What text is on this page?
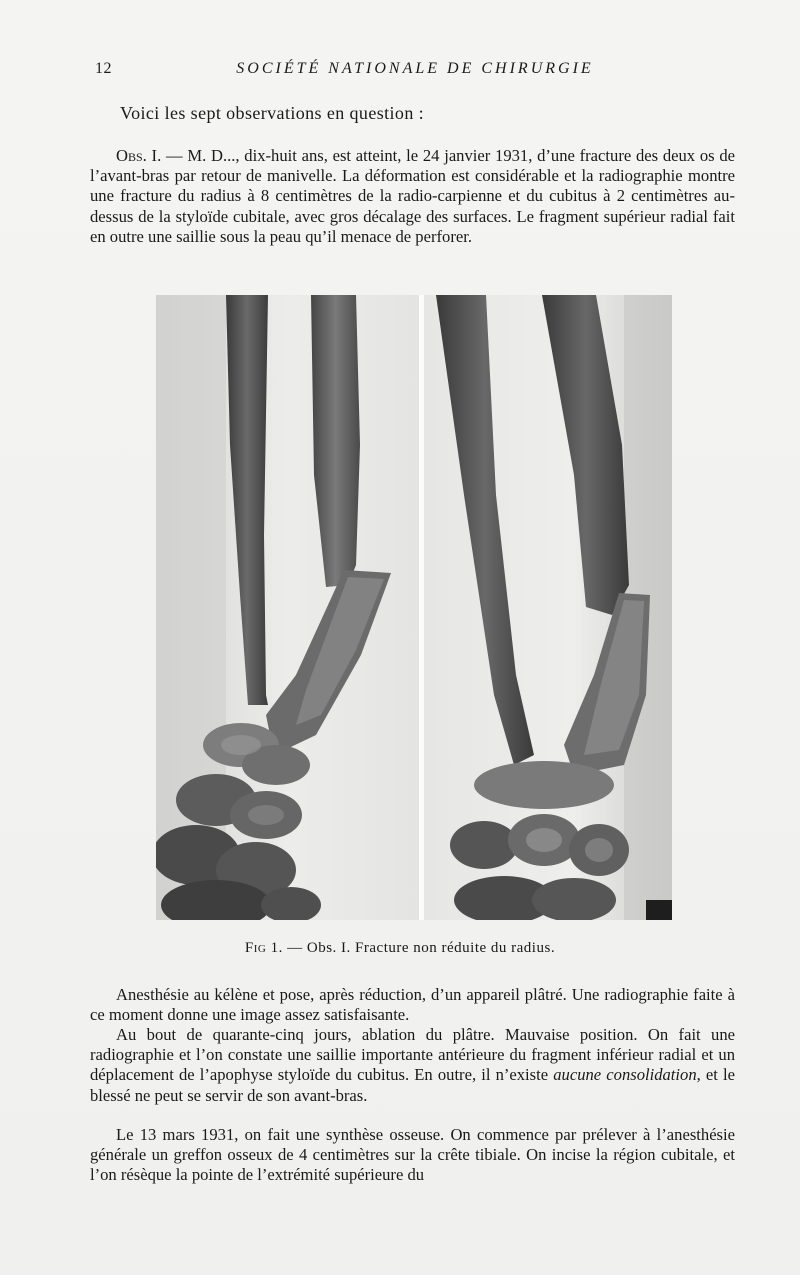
12	SOCIÉTÉ NATIONALE DE CHIRURGIE
Voici les sept observations en question :

Obs. I. — M. D..., dix-huit ans, est atteint, le 24 janvier 1931, d’une fracture des deux os de l’avant-bras par retour de manivelle. La déformation est considérable et la radiographie montre une fracture du radius à 8 centimètres de la radio-carpienne et du cubitus à 2 centimètres au-dessus de la styloïde cubitale, avec gros décalage des surfaces. Le fragment supérieur radial fait en outre une saillie sous la peau qu’il menace de perforer.

Fig 1. — Obs. I. Fracture non réduite du radius.

Anesthésie au kélène et pose, après réduction, d’un appareil plâtré. Une radiographie faite à ce moment donne une image assez satisfaisante.

Au bout de quarante-cinq jours, ablation du plâtre. Mauvaise position. On fait une radiographie et l’on constate une saillie importante antérieure du fragment inférieur radial et un déplacement de l’apophyse styloïde du cubitus. En outre, il n’existe aucune consolidation, et le blessé ne peut se servir de son avant-bras.

Le 13 mars 1931, on fait une synthèse osseuse. On commence par prélever à l’anesthésie générale un greffon osseux de 4 centimètres sur la crête tibiale. On incise la région cubitale, et l’on résèque la pointe de l’extrémité supérieure du
